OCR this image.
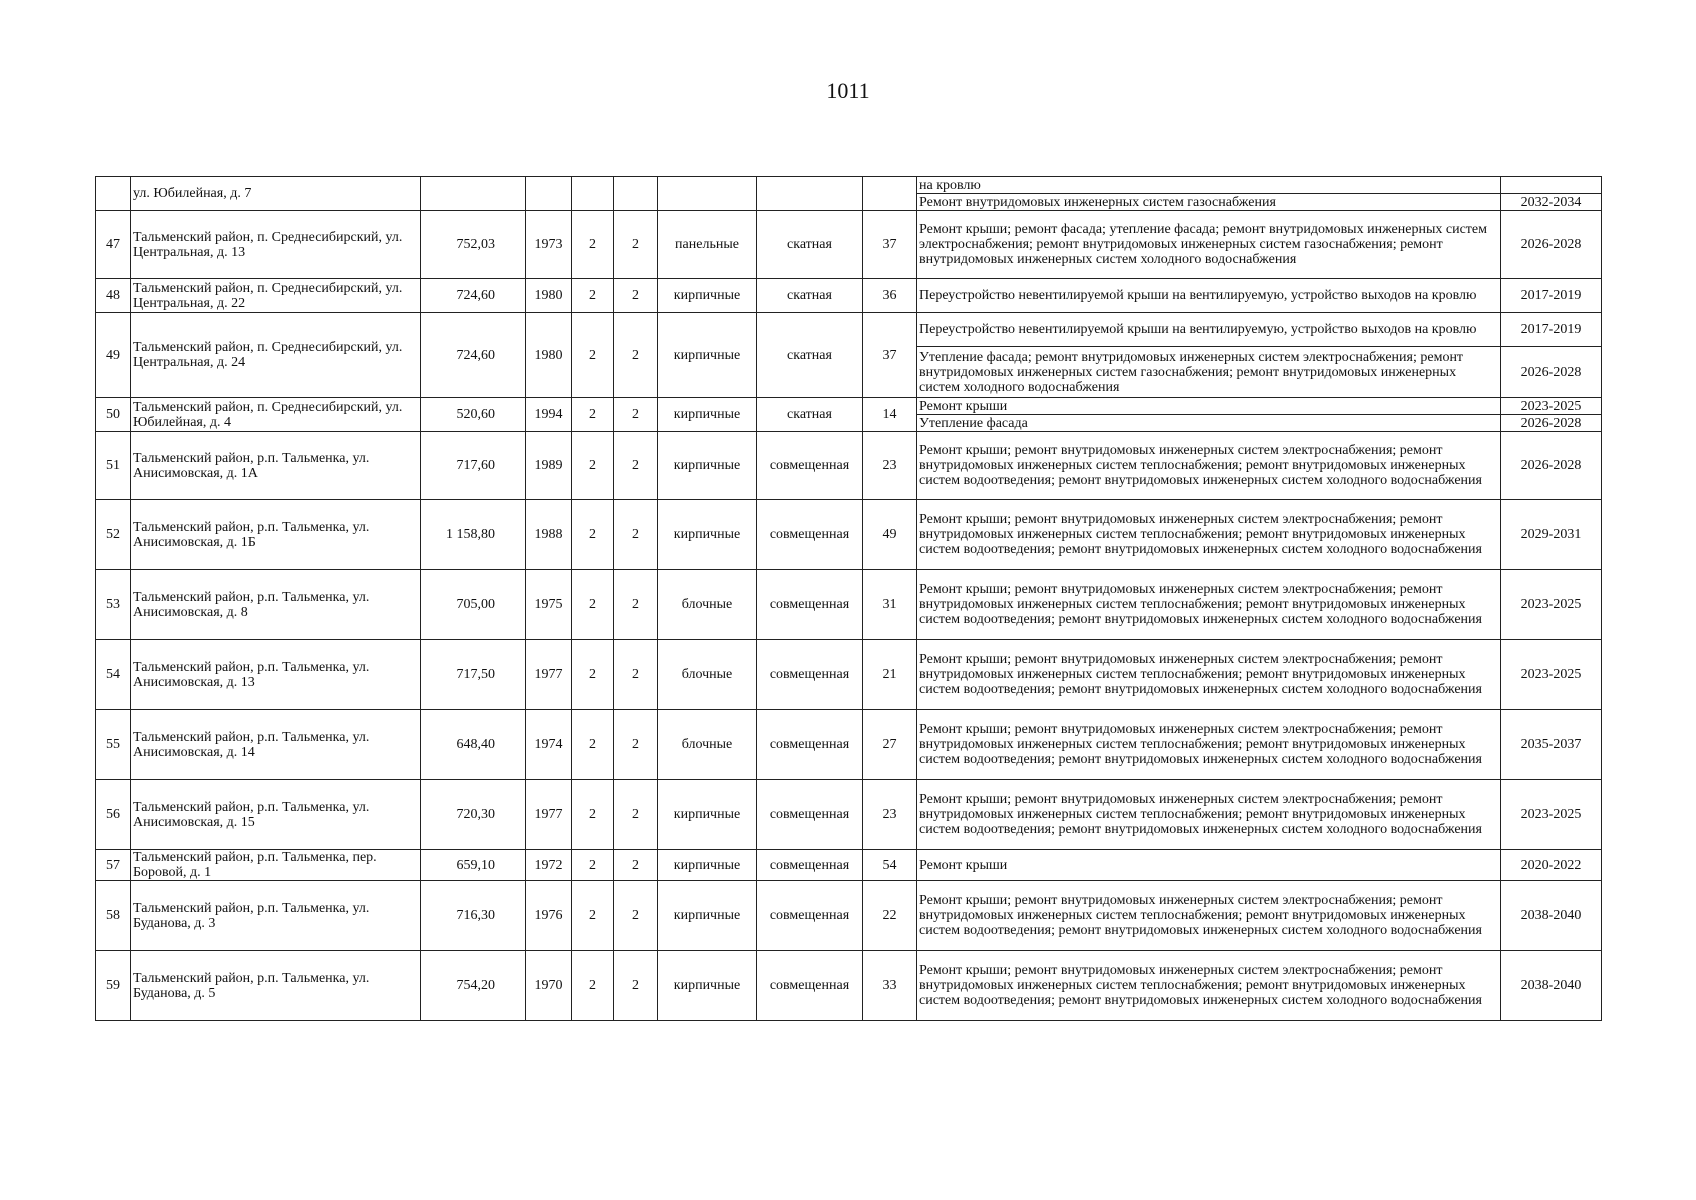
1011
	ул. Юбилейная, д. 7								на кровлю	
									Ремонт внутридомовых инженерных систем газоснабжения	2032-2034
47	Тальменский район, п. Среднесибирский, ул. Центральная, д. 13	752,03	1973	2	2	панельные	скатная	37	Ремонт крыши; ремонт фасада; утепление фасада; ремонт внутридомовых инженерных систем электроснабжения; ремонт внутридомовых инженерных систем газоснабжения; ремонт внутридомовых инженерных систем холодного водоснабжения	2026-2028
48	Тальменский район, п. Среднесибирский, ул. Центральная, д. 22	724,60	1980	2	2	кирпичные	скатная	36	Переустройство невентилируемой крыши на вентилируемую, устройство выходов на кровлю	2017-2019
49	Тальменский район, п. Среднесибирский, ул. Центральная, д. 24	724,60	1980	2	2	кирпичные	скатная	37	Переустройство невентилируемой крыши на вентилируемую, устройство выходов на кровлю	2017-2019
									Утепление фасада; ремонт внутридомовых инженерных систем электроснабжения; ремонт внутридомовых инженерных систем газоснабжения; ремонт внутридомовых инженерных систем холодного водоснабжения	2026-2028
50	Тальменский район, п. Среднесибирский, ул. Юбилейная, д. 4	520,60	1994	2	2	кирпичные	скатная	14	Ремонт крыши	2023-2025
									Утепление фасада	2026-2028
51	Тальменский район, р.п. Тальменка, ул. Анисимовская, д. 1А	717,60	1989	2	2	кирпичные	совмещенная	23	Ремонт крыши; ремонт внутридомовых инженерных систем электроснабжения; ремонт внутридомовых инженерных систем теплоснабжения; ремонт внутридомовых инженерных систем водоотведения; ремонт внутридомовых инженерных систем холодного водоснабжения	2026-2028
52	Тальменский район, р.п. Тальменка, ул. Анисимовская, д. 1Б	1 158,80	1988	2	2	кирпичные	совмещенная	49	Ремонт крыши; ремонт внутридомовых инженерных систем электроснабжения; ремонт внутридомовых инженерных систем теплоснабжения; ремонт внутридомовых инженерных систем водоотведения; ремонт внутридомовых инженерных систем холодного водоснабжения	2029-2031
53	Тальменский район, р.п. Тальменка, ул. Анисимовская, д. 8	705,00	1975	2	2	блочные	совмещенная	31	Ремонт крыши; ремонт внутридомовых инженерных систем электроснабжения; ремонт внутридомовых инженерных систем теплоснабжения; ремонт внутридомовых инженерных систем водоотведения; ремонт внутридомовых инженерных систем холодного водоснабжения	2023-2025
54	Тальменский район, р.п. Тальменка, ул. Анисимовская, д. 13	717,50	1977	2	2	блочные	совмещенная	21	Ремонт крыши; ремонт внутридомовых инженерных систем электроснабжения; ремонт внутридомовых инженерных систем теплоснабжения; ремонт внутридомовых инженерных систем водоотведения; ремонт внутридомовых инженерных систем холодного водоснабжения	2023-2025
55	Тальменский район, р.п. Тальменка, ул. Анисимовская, д. 14	648,40	1974	2	2	блочные	совмещенная	27	Ремонт крыши; ремонт внутридомовых инженерных систем электроснабжения; ремонт внутридомовых инженерных систем теплоснабжения; ремонт внутридомовых инженерных систем водоотведения; ремонт внутридомовых инженерных систем холодного водоснабжения	2035-2037
56	Тальменский район, р.п. Тальменка, ул. Анисимовская, д. 15	720,30	1977	2	2	кирпичные	совмещенная	23	Ремонт крыши; ремонт внутридомовых инженерных систем электроснабжения; ремонт внутридомовых инженерных систем теплоснабжения; ремонт внутридомовых инженерных систем водоотведения; ремонт внутридомовых инженерных систем холодного водоснабжения	2023-2025
57	Тальменский район, р.п. Тальменка, пер. Боровой, д. 1	659,10	1972	2	2	кирпичные	совмещенная	54	Ремонт крыши	2020-2022
58	Тальменский район, р.п. Тальменка, ул. Буданова, д. 3	716,30	1976	2	2	кирпичные	совмещенная	22	Ремонт крыши; ремонт внутридомовых инженерных систем электроснабжения; ремонт внутридомовых инженерных систем теплоснабжения; ремонт внутридомовых инженерных систем водоотведения; ремонт внутридомовых инженерных систем холодного водоснабжения	2038-2040
59	Тальменский район, р.п. Тальменка, ул. Буданова, д. 5	754,20	1970	2	2	кирпичные	совмещенная	33	Ремонт крыши; ремонт внутридомовых инженерных систем электроснабжения; ремонт внутридомовых инженерных систем теплоснабжения; ремонт внутридомовых инженерных систем водоотведения; ремонт внутридомовых инженерных систем холодного водоснабжения	2038-2040
